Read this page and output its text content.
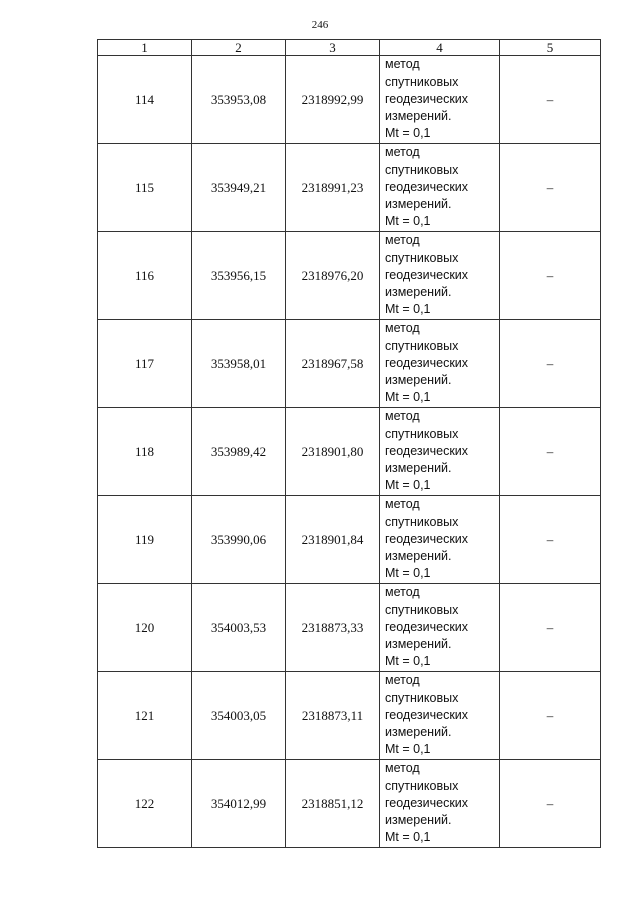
246
1	2	3	4	5
114	353953,08	2318992,99	метод
спутниковых
геодезических
измерений.
Mt = 0,1	–
115	353949,21	2318991,23	метод
спутниковых
геодезических
измерений.
Mt = 0,1	–
116	353956,15	2318976,20	метод
спутниковых
геодезических
измерений.
Mt = 0,1	–
117	353958,01	2318967,58	метод
спутниковых
геодезических
измерений.
Mt = 0,1	–
118	353989,42	2318901,80	метод
спутниковых
геодезических
измерений.
Mt = 0,1	–
119	353990,06	2318901,84	метод
спутниковых
геодезических
измерений.
Mt = 0,1	–
120	354003,53	2318873,33	метод
спутниковых
геодезических
измерений.
Mt = 0,1	–
121	354003,05	2318873,11	метод
спутниковых
геодезических
измерений.
Mt = 0,1	–
122	354012,99	2318851,12	метод
спутниковых
геодезических
измерений.
Mt = 0,1	–
